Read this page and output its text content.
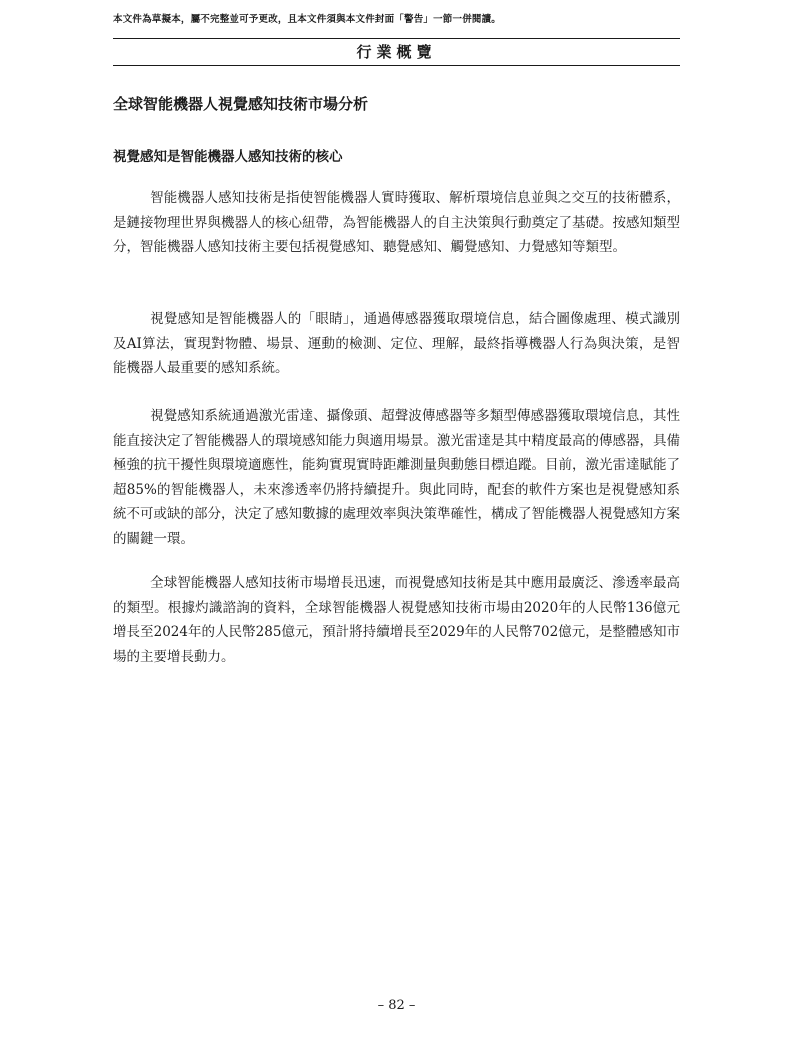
本文件為草擬本，屬不完整並可予更改，且本文件須與本文件封面「警告」一節一併閱讀。
行業概覽
全球智能機器人視覺感知技術市場分析
視覺感知是智能機器人感知技術的核心

智能機器人感知技術是指使智能機器人實時獲取、解析環境信息並與之交互的技術體系，是鏈接物理世界與機器人的核心紐帶，為智能機器人的自主決策與行動奠定了基礎。按感知類型分，智能機器人感知技術主要包括視覺感知、聽覺感知、觸覺感知、力覺感知等類型。

視覺感知是智能機器人的「眼睛」，通過傳感器獲取環境信息，結合圖像處理、模式識別及AI算法，實現對物體、場景、運動的檢測、定位、理解，最終指導機器人行為與決策，是智能機器人最重要的感知系統。

視覺感知系統通過激光雷達、攝像頭、超聲波傳感器等多類型傳感器獲取環境信息，其性能直接決定了智能機器人的環境感知能力與適用場景。激光雷達是其中精度最高的傳感器，具備極強的抗干擾性與環境適應性，能夠實現實時距離測量與動態目標追蹤。目前，激光雷達賦能了超85%的智能機器人，未來滲透率仍將持續提升。與此同時，配套的軟件方案也是視覺感知系統不可或缺的部分，決定了感知數據的處理效率與決策準確性，構成了智能機器人視覺感知方案的關鍵一環。

全球智能機器人感知技術市場增長迅速，而視覺感知技術是其中應用最廣泛、滲透率最高的類型。根據灼識諮詢的資料，全球智能機器人視覺感知技術市場由2020年的人民幣136億元增長至2024年的人民幣285億元，預計將持續增長至2029年的人民幣702億元，是整體感知市場的主要增長動力。

– 82 –
